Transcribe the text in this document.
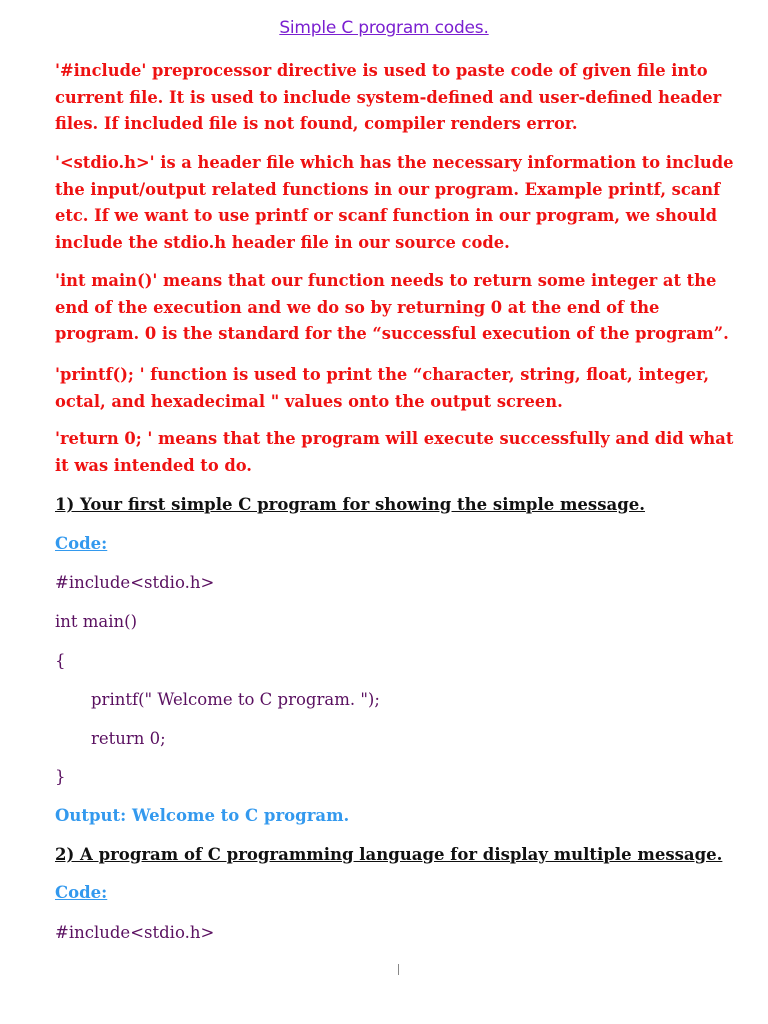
Simple C program codes.

'#include' preprocessor directive is used to paste code of given file into current file. It is used to include system-defined and user-defined header files. If included file is not found, compiler renders error.

'<stdio.h>' is a header file which has the necessary information to include the input/output related functions in our program. Example printf, scanf etc. If we want to use printf or scanf function in our program, we should include the stdio.h header file in our source code.

'int main()' means that our function needs to return some integer at the end of the execution and we do so by returning 0 at the end of the program. 0 is the standard for the “successful execution of the program”.

'printf(); ' function is used to print the “character, string, float, integer, octal, and hexadecimal " values onto the output screen.

'return 0; ' means that the program will execute successfully and did what it was intended to do.

1) Your first simple C program for showing the simple message.

Code:

#include<stdio.h>

int main()

{

printf(" Welcome to C program. ");

return 0;

}

Output: Welcome to C program.

2) A program of C programming language for display multiple message.

Code:

#include<stdio.h>
